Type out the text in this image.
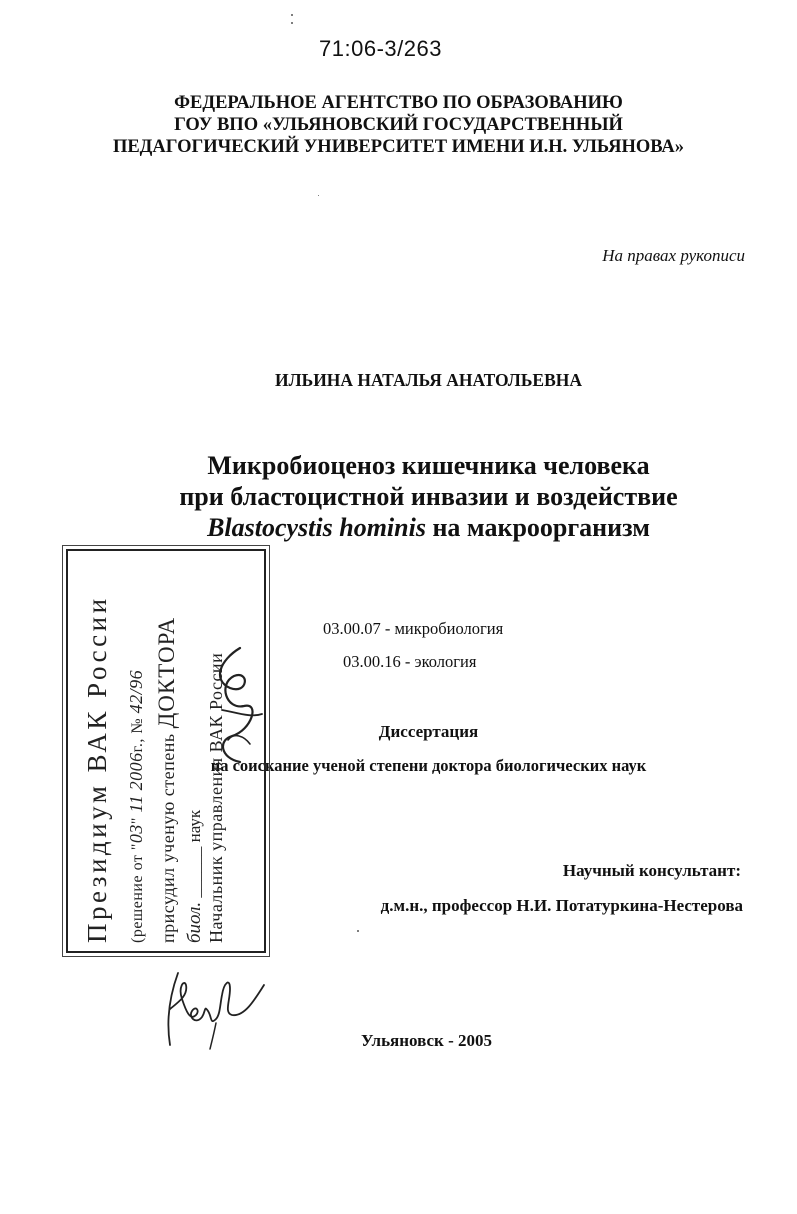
71:06-3/263
ФЕДЕРАЛЬНОЕ АГЕНТСТВО ПО ОБРАЗОВАНИЮ
ГОУ ВПО «УЛЬЯНОВСКИЙ ГОСУДАРСТВЕННЫЙ
ПЕДАГОГИЧЕСКИЙ УНИВЕРСИТЕТ ИМЕНИ И.Н. УЛЬЯНОВА»
На правах рукописи
ИЛЬИНА НАТАЛЬЯ АНАТОЛЬЕВНА
Микробиоценоз кишечника человека
при бластоцистной инвазии и воздействие
Blastocystis hominis на макроорганизм
03.00.07 - микробиология
03.00.16 - экология
Диссертация
на соискание ученой степени доктора биологических наук
Научный консультант:
д.м.н., профессор Н.И. Потатуркина-Нестерова
Ульяновск - 2005
Президиум ВАК России (решение от "03" 11 2006г., № 42/96
присудил ученую степень ДОКТОРА
биол. ______ наук Начальник управления ВАК России
